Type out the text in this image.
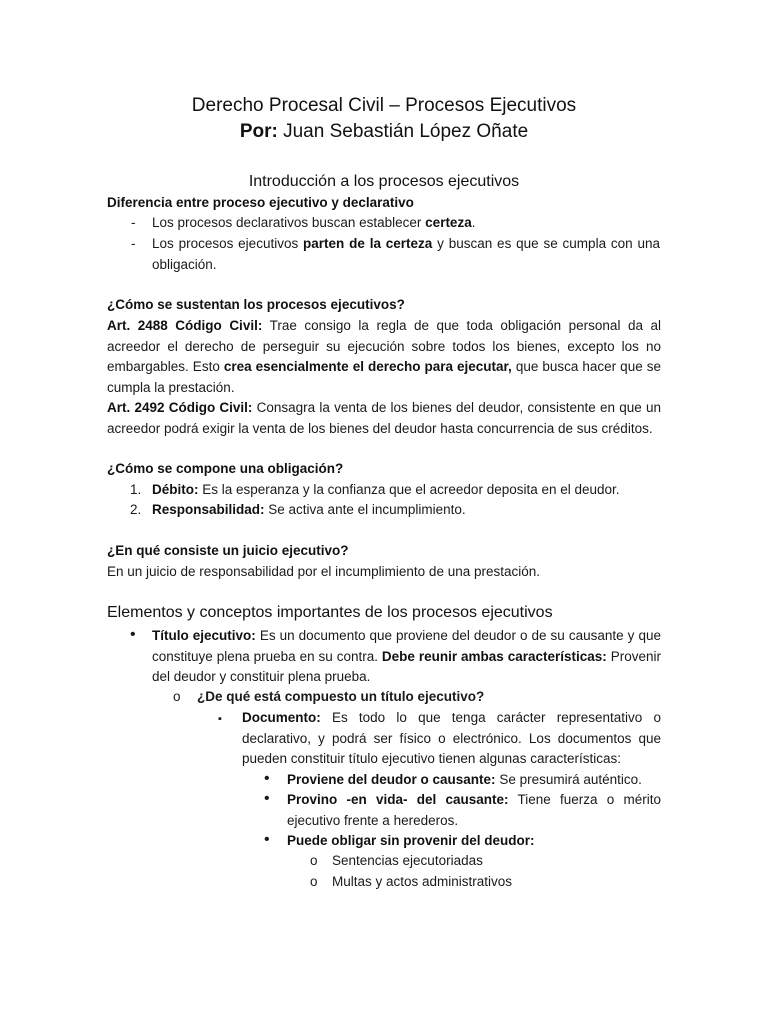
Derecho Procesal Civil – Procesos Ejecutivos
Por: Juan Sebastián López Oñate
Introducción a los procesos ejecutivos
Diferencia entre proceso ejecutivo y declarativo
- Los procesos declarativos buscan establecer certeza.
- Los procesos ejecutivos parten de la certeza y buscan es que se cumpla con una obligación.
¿Cómo se sustentan los procesos ejecutivos?
Art. 2488 Código Civil: Trae consigo la regla de que toda obligación personal da al acreedor el derecho de perseguir su ejecución sobre todos los bienes, excepto los no embargables. Esto crea esencialmente el derecho para ejecutar, que busca hacer que se cumpla la prestación.
Art. 2492 Código Civil: Consagra la venta de los bienes del deudor, consistente en que un acreedor podrá exigir la venta de los bienes del deudor hasta concurrencia de sus créditos.
¿Cómo se compone una obligación?
1. Débito: Es la esperanza y la confianza que el acreedor deposita en el deudor.
2. Responsabilidad: Se activa ante el incumplimiento.
¿En qué consiste un juicio ejecutivo?
En un juicio de responsabilidad por el incumplimiento de una prestación.
Elementos y conceptos importantes de los procesos ejecutivos
• Título ejecutivo: Es un documento que proviene del deudor o de su causante y que constituye plena prueba en su contra. Debe reunir ambas características: Provenir del deudor y constituir plena prueba.
o ¿De qué está compuesto un título ejecutivo?
▪ Documento: Es todo lo que tenga carácter representativo o declarativo, y podrá ser físico o electrónico. Los documentos que pueden constituir título ejecutivo tienen algunas características:
• Proviene del deudor o causante: Se presumirá auténtico.
• Provino -en vida- del causante: Tiene fuerza o mérito ejecutivo frente a herederos.
• Puede obligar sin provenir del deudor:
o Sentencias ejecutoriadas
o Multas y actos administrativos
